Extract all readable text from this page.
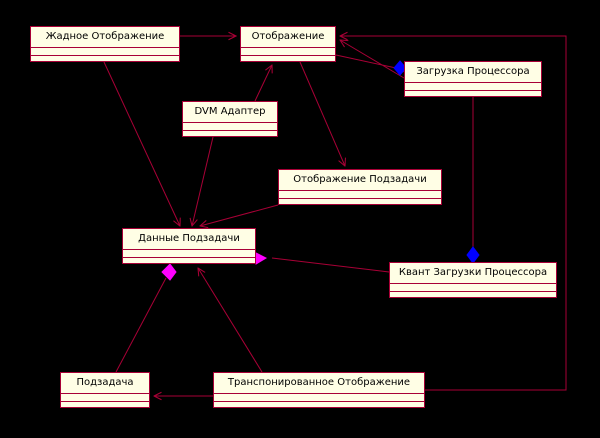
Жадное Отображение	Отображение
Загрузка Процессора
DVM Адаптер
Отображение Подзадачи
Данные Подзадачи
Квант Загрузки Процессора
Подзадача	Транспонированное Отображение
